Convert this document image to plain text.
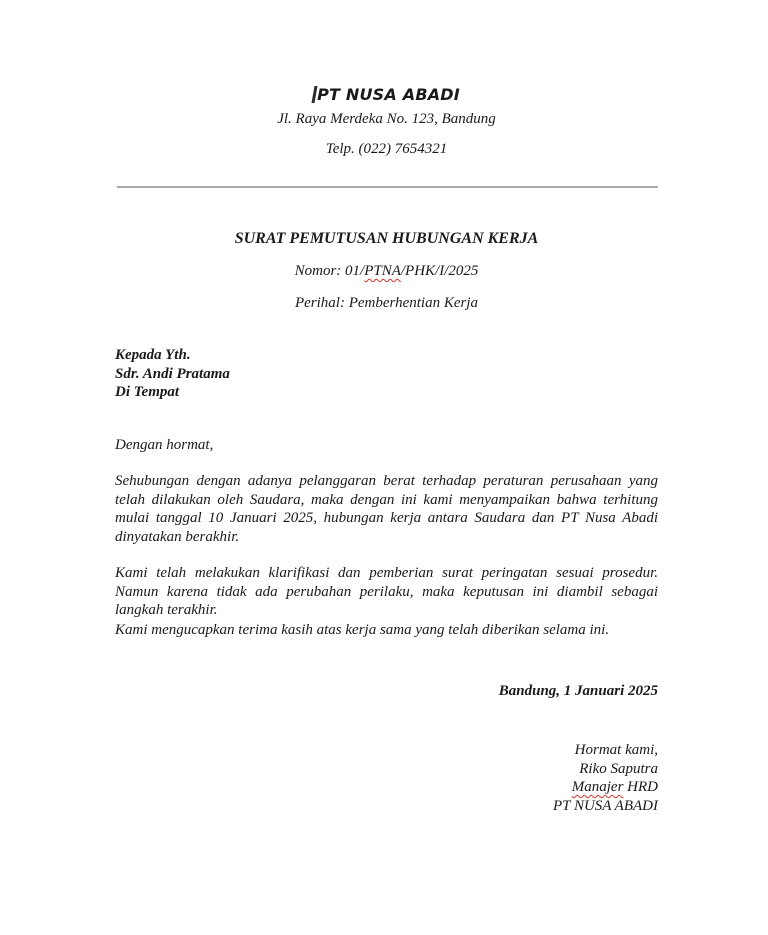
PT NUSA ABADI
Jl. Raya Merdeka No. 123, Bandung
Telp. (022) 7654321
SURAT PEMUTUSAN HUBUNGAN KERJA
Nomor: 01/PTNA/PHK/I/2025
Perihal: Pemberhentian Kerja
Kepada Yth.
Sdr. Andi Pratama
Di Tempat
Dengan hormat,
Sehubungan dengan adanya pelanggaran berat terhadap peraturan perusahaan yang telah dilakukan oleh Saudara, maka dengan ini kami menyampaikan bahwa terhitung mulai tanggal 10 Januari 2025, hubungan kerja antara Saudara dan PT Nusa Abadi dinyatakan berakhir.
Kami telah melakukan klarifikasi dan pemberian surat peringatan sesuai prosedur. Namun karena tidak ada perubahan perilaku, maka keputusan ini diambil sebagai langkah terakhir.
Kami mengucapkan terima kasih atas kerja sama yang telah diberikan selama ini.
Bandung, 1 Januari 2025
Hormat kami,
Riko Saputra
Manajer HRD
PT NUSA ABADI
